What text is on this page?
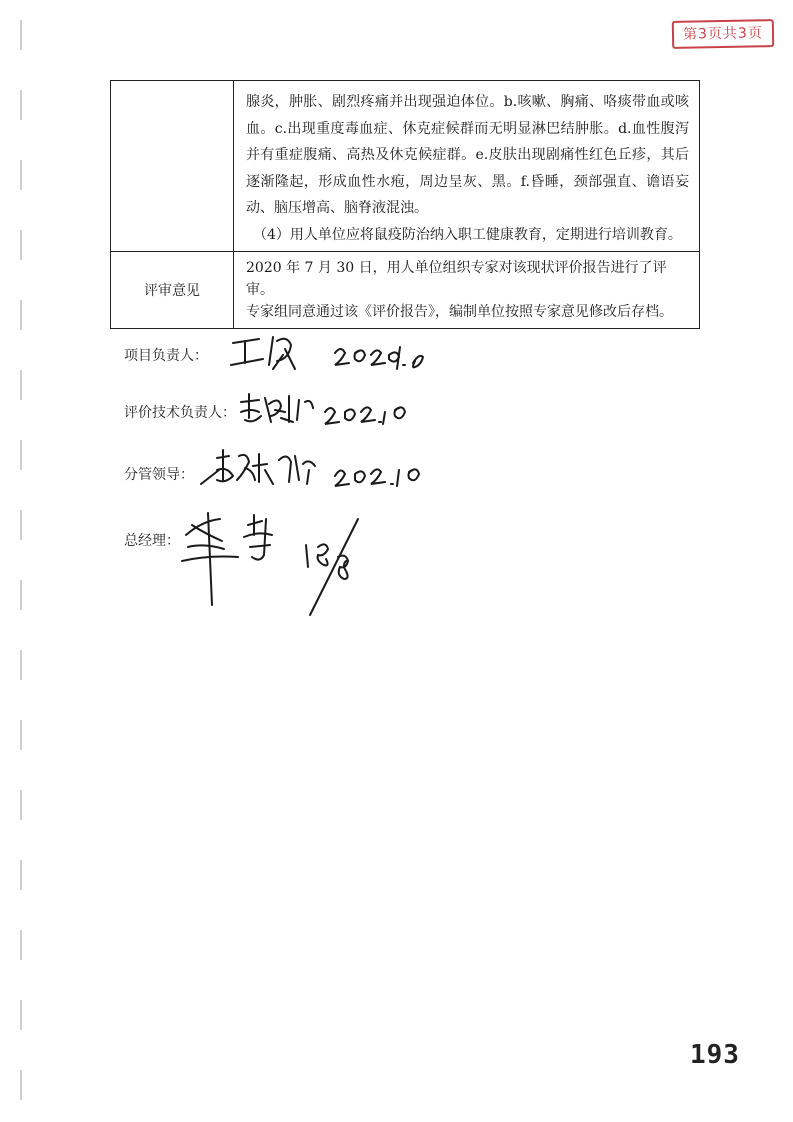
第3页共3页

	腺炎，肿胀、剧烈疼痛并出现强迫体位。b.咳嗽、胸痛、咯痰带血或咳血。c.出现重度毒血症、休克症候群而无明显淋巴结肿胀。d.血性腹泻并有重症腹痛、高热及休克候症群。e.皮肤出现剧痛性红色丘疹，其后逐渐隆起，形成血性水疱，周边呈灰、黑。f.昏睡，颈部强直、谵语妄动、脑压增高、脑脊液混浊。

（4）用人单位应将鼠疫防治纳入职工健康教育，定期进行培训教育。

评审意见	2020 年 7 月 30 日，用人单位组织专家对该现状评价报告进行了评审。

专家组同意通过该《评价报告》，编制单位按照专家意见修改后存档。

项目负责人：
评价技术负责人：
分管领导：
总经理：
193
